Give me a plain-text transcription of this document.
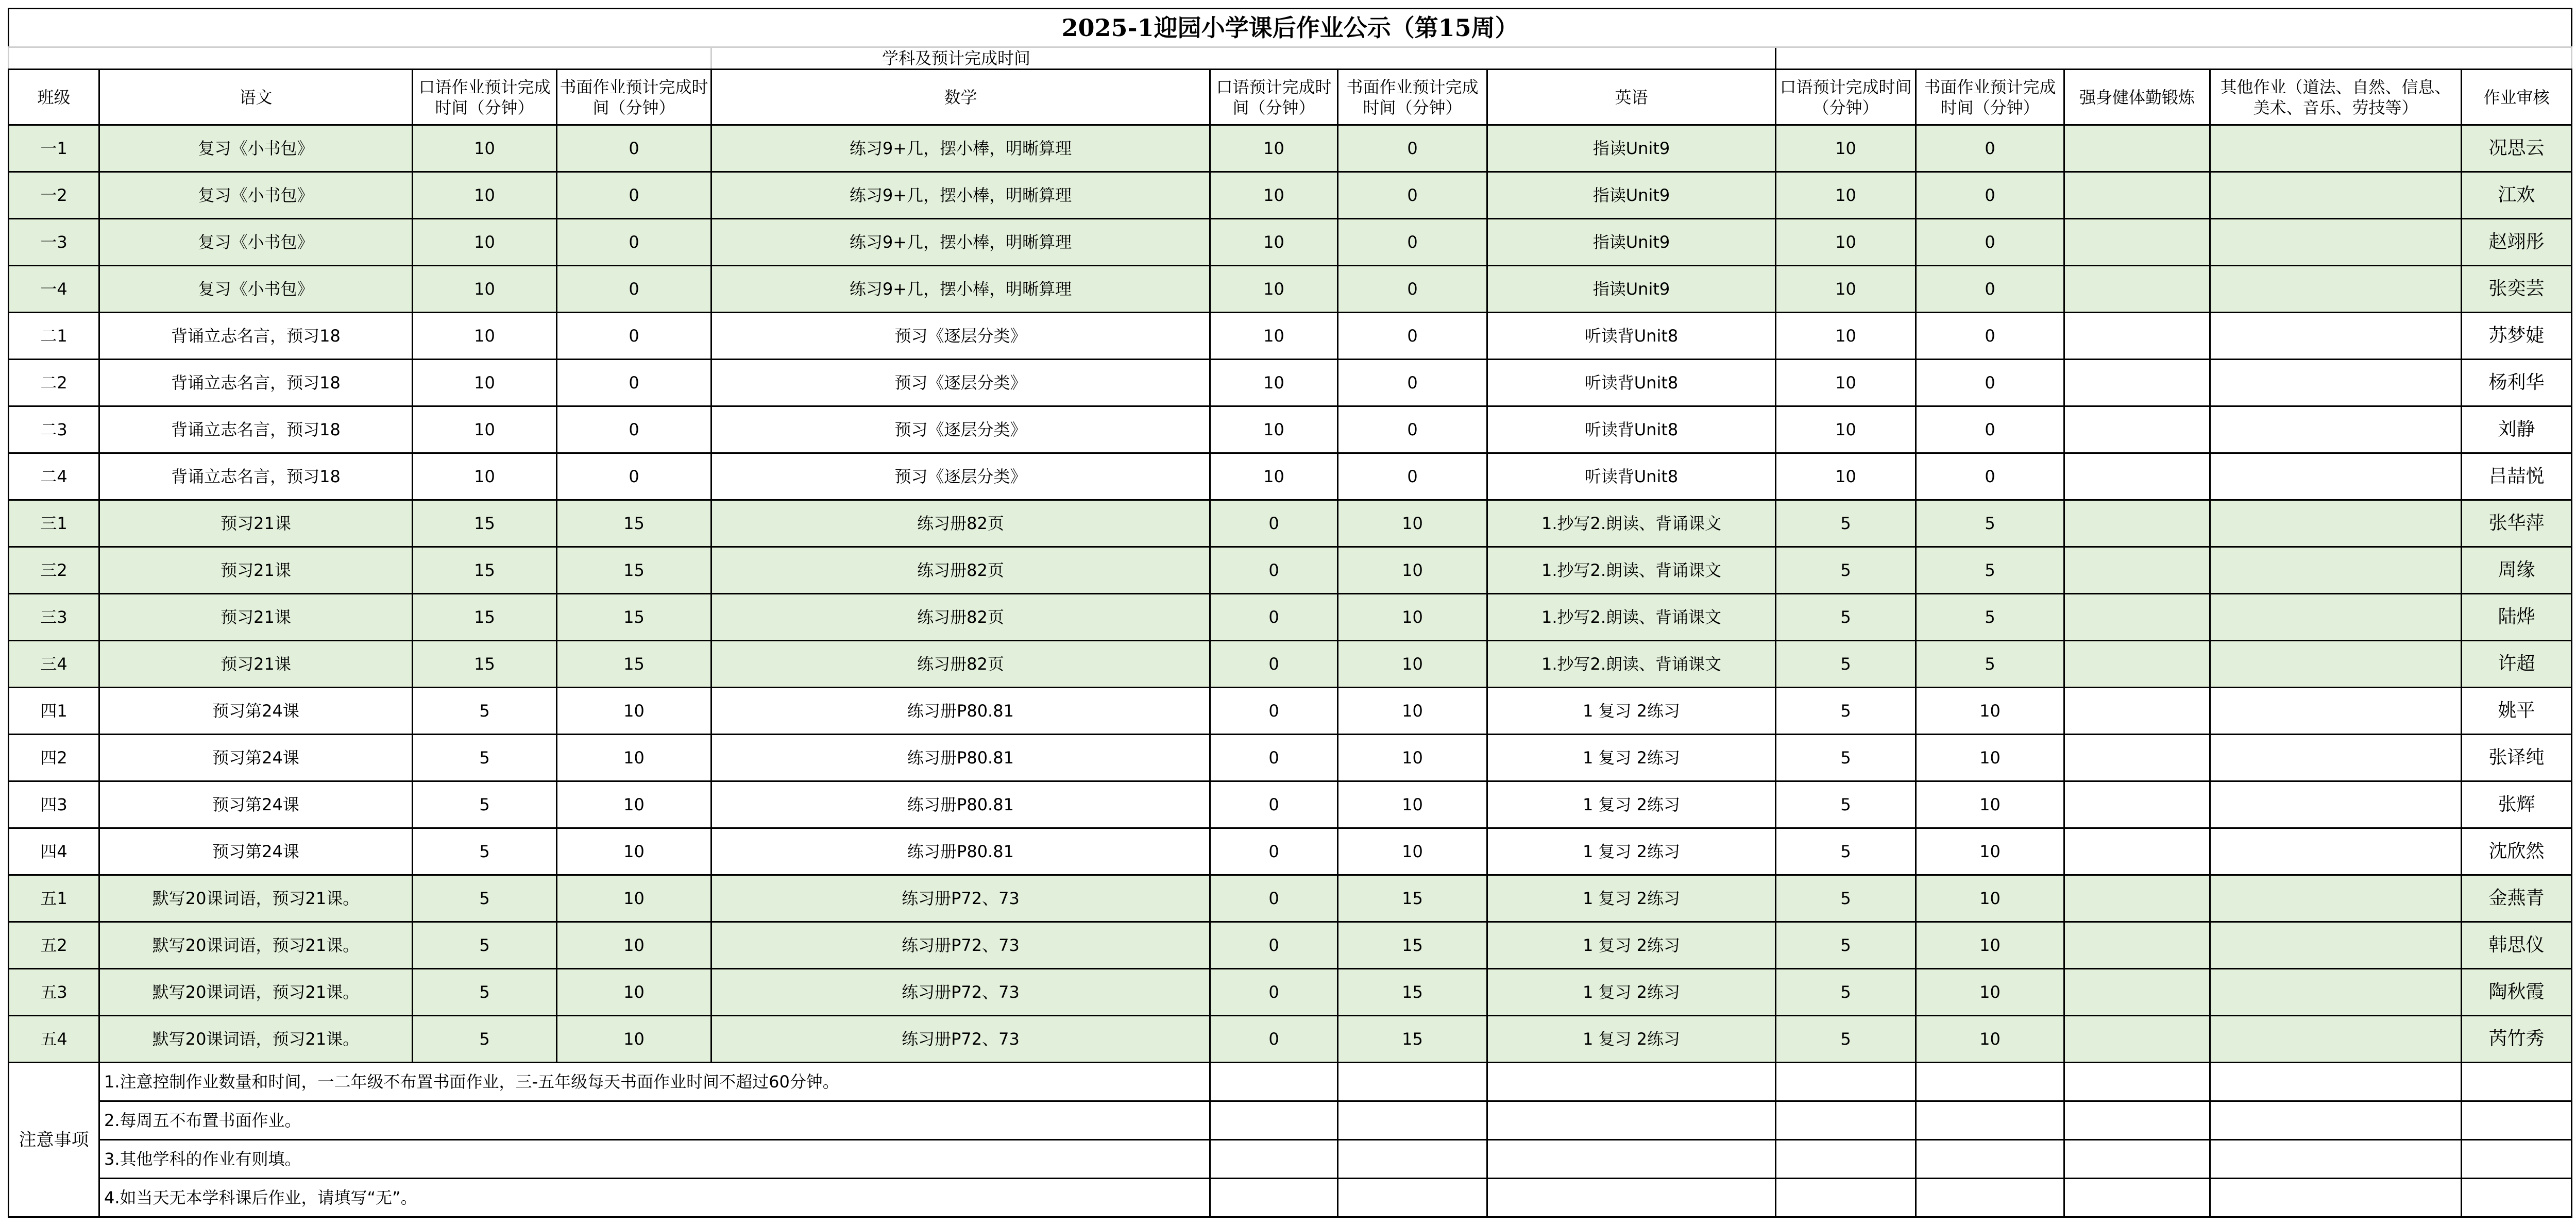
2025-1迎园小学课后作业公示（第15周）												
				学科及预计完成时间								
班级	语文	口语作业预计完成时间（分钟）	书面作业预计完成时间（分钟）	数学	口语预计完成时间（分钟）	书面作业预计完成时间（分钟）	英语	口语预计完成时间（分钟）	书面作业预计完成时间（分钟）	强身健体勤锻炼	其他作业（道法、自然、信息、美术、音乐、劳技等）	作业审核
一1	复习《小书包》	10	0	练习9+几，摆小棒，明晰算理	10	0	指读Unit9	10	0			况思云
一2	复习《小书包》	10	0	练习9+几，摆小棒，明晰算理	10	0	指读Unit9	10	0			江欢
一3	复习《小书包》	10	0	练习9+几，摆小棒，明晰算理	10	0	指读Unit9	10	0			赵翊彤
一4	复习《小书包》	10	0	练习9+几，摆小棒，明晰算理	10	0	指读Unit9	10	0			张奕芸
二1	背诵立志名言，预习18	10	0	预习《逐层分类》	10	0	听读背Unit8	10	0			苏梦婕
二2	背诵立志名言，预习18	10	0	预习《逐层分类》	10	0	听读背Unit8	10	0			杨利华
二3	背诵立志名言，预习18	10	0	预习《逐层分类》	10	0	听读背Unit8	10	0			刘静
二4	背诵立志名言，预习18	10	0	预习《逐层分类》	10	0	听读背Unit8	10	0			吕喆悦
三1	预习21课	15	15	练习册82页	0	10	1.抄写2.朗读、背诵课文	5	5			张华萍
三2	预习21课	15	15	练习册82页	0	10	1.抄写2.朗读、背诵课文	5	5			周缘
三3	预习21课	15	15	练习册82页	0	10	1.抄写2.朗读、背诵课文	5	5			陆烨
三4	预习21课	15	15	练习册82页	0	10	1.抄写2.朗读、背诵课文	5	5			许超
四1	预习第24课	5	10	练习册P80.81	0	10	1 复习 2练习	5	10			姚平
四2	预习第24课	5	10	练习册P80.81	0	10	1 复习 2练习	5	10			张译纯
四3	预习第24课	5	10	练习册P80.81	0	10	1 复习 2练习	5	10			张辉
四4	预习第24课	5	10	练习册P80.81	0	10	1 复习 2练习	5	10			沈欣然
五1	默写20课词语，预习21课。	5	10	练习册P72、73	0	15	1 复习 2练习	5	10			金燕青
五2	默写20课词语，预习21课。	5	10	练习册P72、73	0	15	1 复习 2练习	5	10			韩思仪
五3	默写20课词语，预习21课。	5	10	练习册P72、73	0	15	1 复习 2练习	5	10			陶秋霞
五4	默写20课词语，预习21课。	5	10	练习册P72、73	0	15	1 复习 2练习	5	10			芮竹秀
注意事项	1.注意控制作业数量和时间，一二年级不布置书面作业，三-五年级每天书面作业时间不超过60分钟。											
	2.每周五不布置书面作业。											
	3.其他学科的作业有则填。											
	4.如当天无本学科课后作业，请填写“无”。											
